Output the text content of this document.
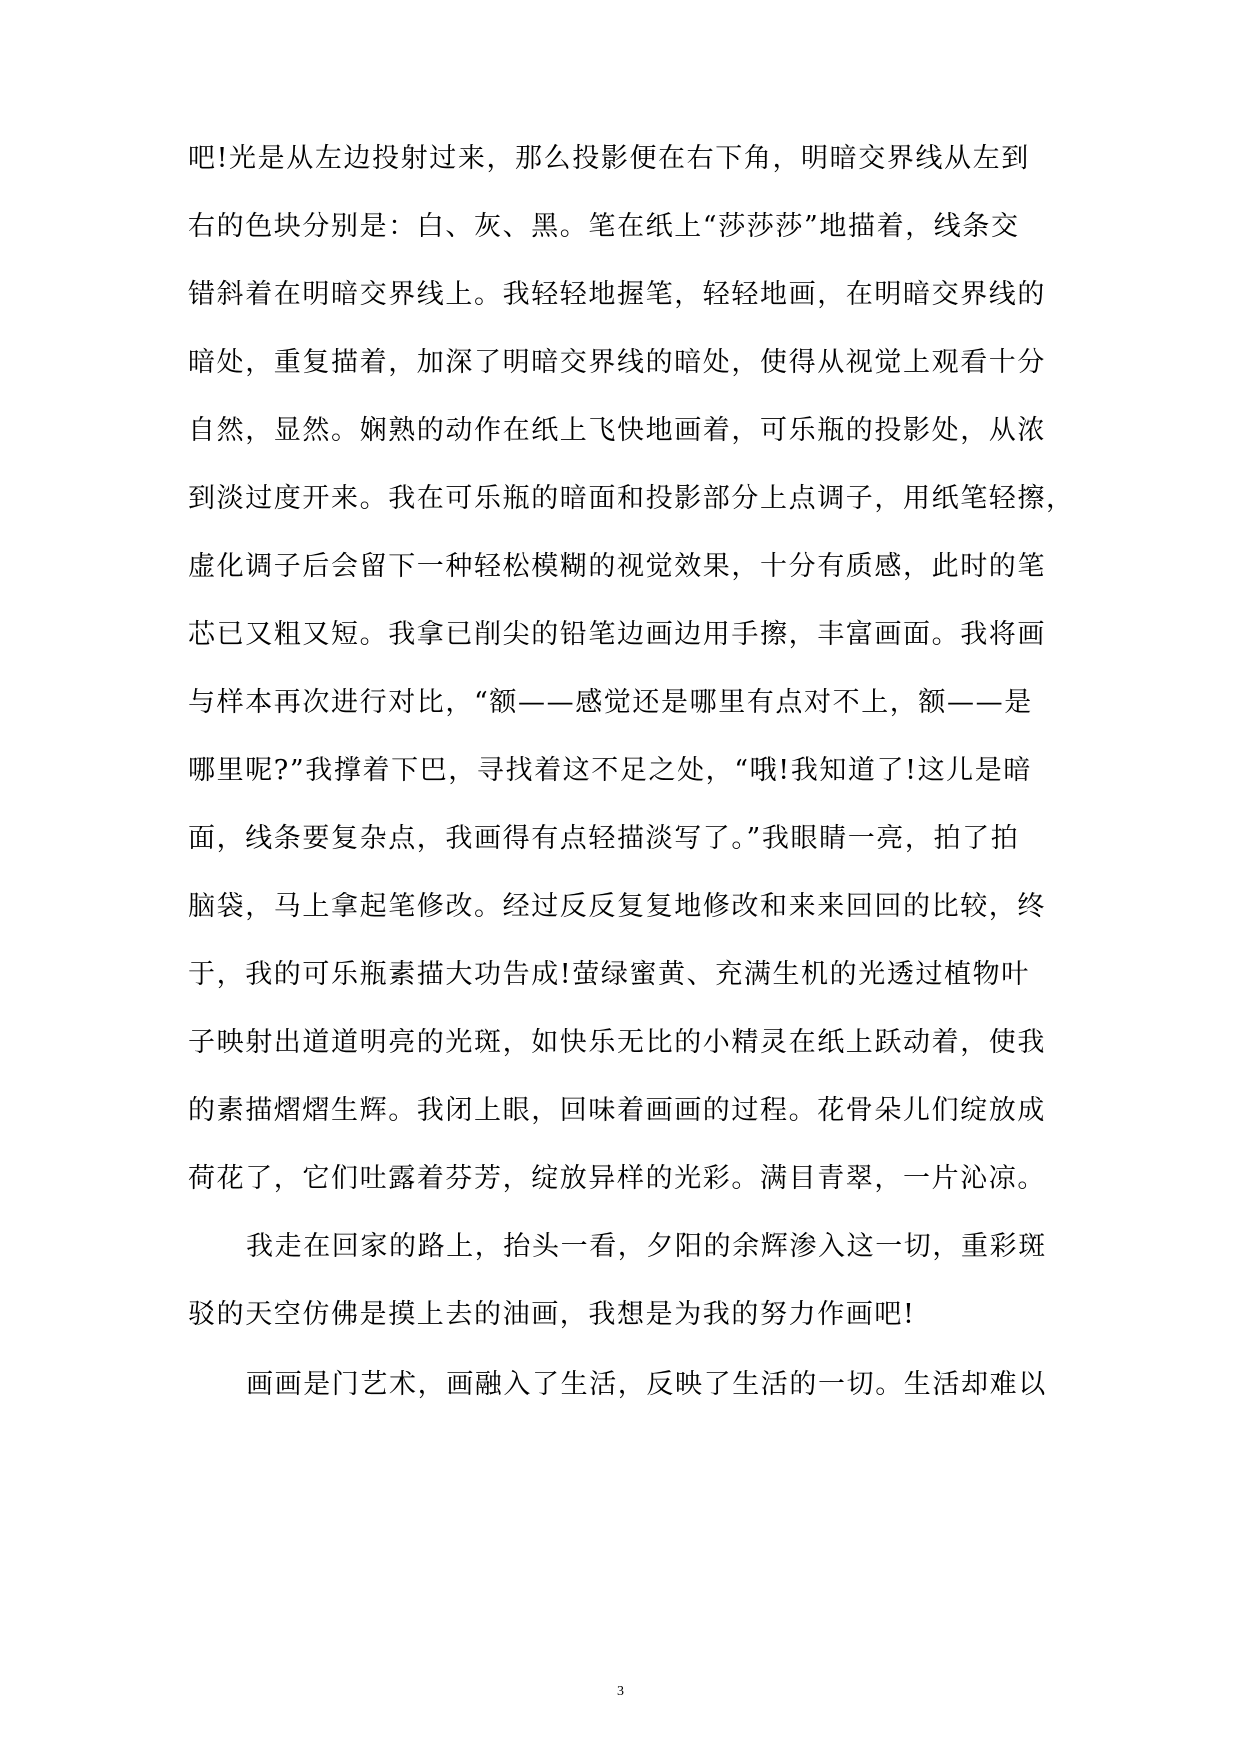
吧!光是从左边投射过来，那么投影便在右下角，明暗交界线从左到
右的色块分别是：白、灰、黑。笔在纸上“莎莎莎”地描着，线条交
错斜着在明暗交界线上。我轻轻地握笔，轻轻地画，在明暗交界线的
暗处，重复描着，加深了明暗交界线的暗处，使得从视觉上观看十分
自然，显然。娴熟的动作在纸上飞快地画着，可乐瓶的投影处，从浓
到淡过度开来。我在可乐瓶的暗面和投影部分上点调子，用纸笔轻擦，
虚化调子后会留下一种轻松模糊的视觉效果，十分有质感，此时的笔
芯已又粗又短。我拿已削尖的铅笔边画边用手擦，丰富画面。我将画
与样本再次进行对比，“额——感觉还是哪里有点对不上，额——是
哪里呢?”我撑着下巴，寻找着这不足之处，“哦!我知道了!这儿是暗
面，线条要复杂点，我画得有点轻描淡写了。”我眼睛一亮，拍了拍
脑袋，马上拿起笔修改。经过反反复复地修改和来来回回的比较，终
于，我的可乐瓶素描大功告成!萤绿蜜黄、充满生机的光透过植物叶
子映射出道道明亮的光斑，如快乐无比的小精灵在纸上跃动着，使我
的素描熠熠生辉。我闭上眼，回味着画画的过程。花骨朵儿们绽放成
荷花了，它们吐露着芬芳，绽放异样的光彩。满目青翠，一片沁凉。
我走在回家的路上，抬头一看，夕阳的余辉渗入这一切，重彩斑
驳的天空仿佛是摸上去的油画，我想是为我的努力作画吧!
画画是门艺术，画融入了生活，反映了生活的一切。生活却难以
3
